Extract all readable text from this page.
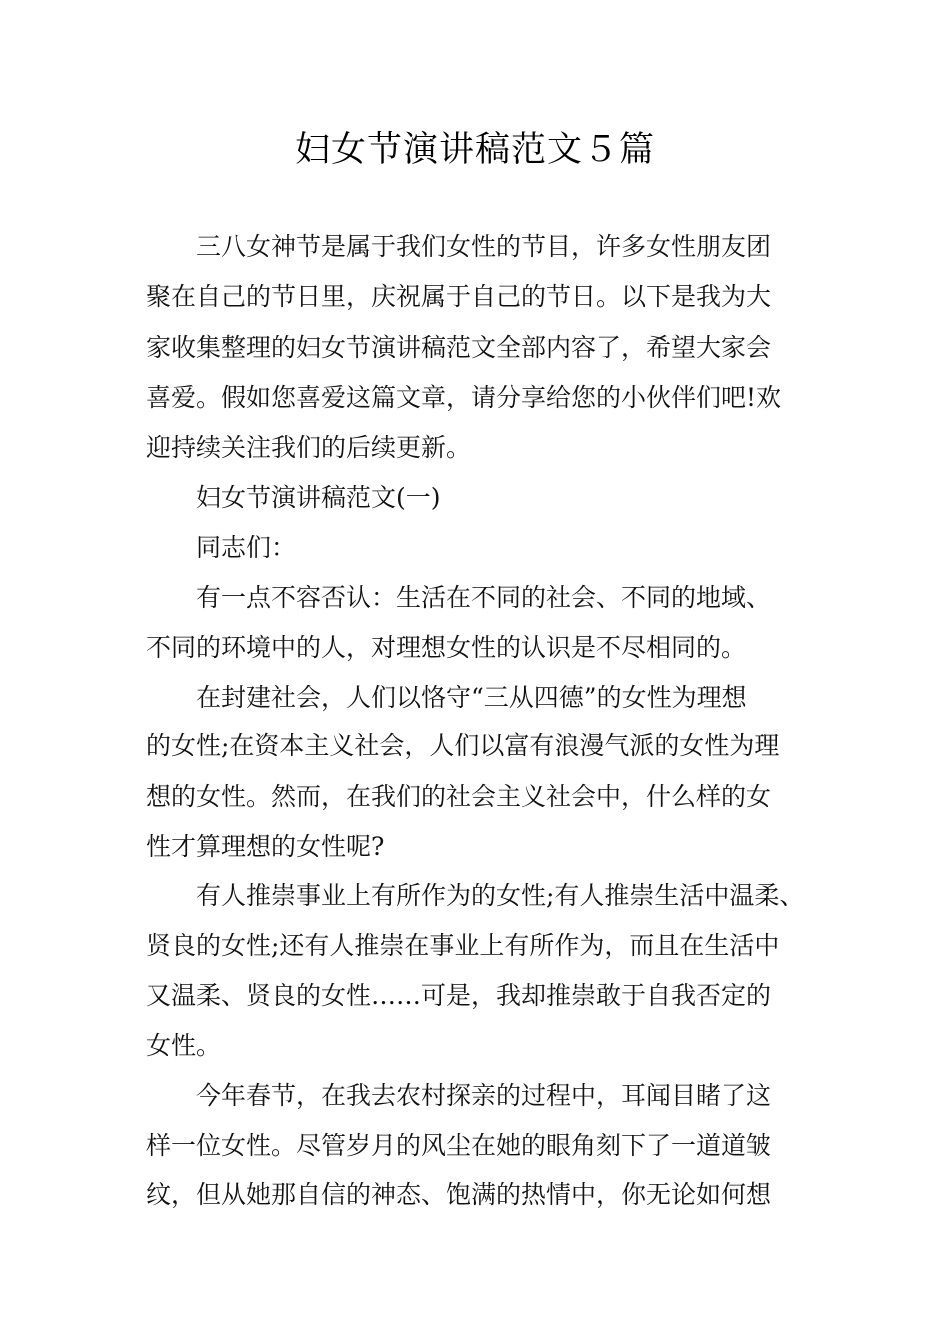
妇女节演讲稿范文５篇

三八女神节是属于我们女性的节目，许多女性朋友团

聚在自己的节日里，庆祝属于自己的节日。以下是我为大

家收集整理的妇女节演讲稿范文全部内容了，希望大家会

喜爱。假如您喜爱这篇文章，请分享给您的小伙伴们吧!欢

迎持续关注我们的后续更新。

妇女节演讲稿范文(一)

同志们：

有一点不容否认：生活在不同的社会、不同的地域、

不同的环境中的人，对理想女性的认识是不尽相同的。

在封建社会，人们以恪守“三从四德”的女性为理想

的女性;在资本主义社会，人们以富有浪漫气派的女性为理

想的女性。然而，在我们的社会主义社会中，什么样的女

性才算理想的女性呢?

有人推崇事业上有所作为的女性;有人推崇生活中温柔、

贤良的女性;还有人推崇在事业上有所作为，而且在生活中

又温柔、贤良的女性……可是，我却推崇敢于自我否定的

女性。

今年春节，在我去农村探亲的过程中，耳闻目睹了这

样一位女性。尽管岁月的风尘在她的眼角刻下了一道道皱

纹，但从她那自信的神态、饱满的热情中，你无论如何想
